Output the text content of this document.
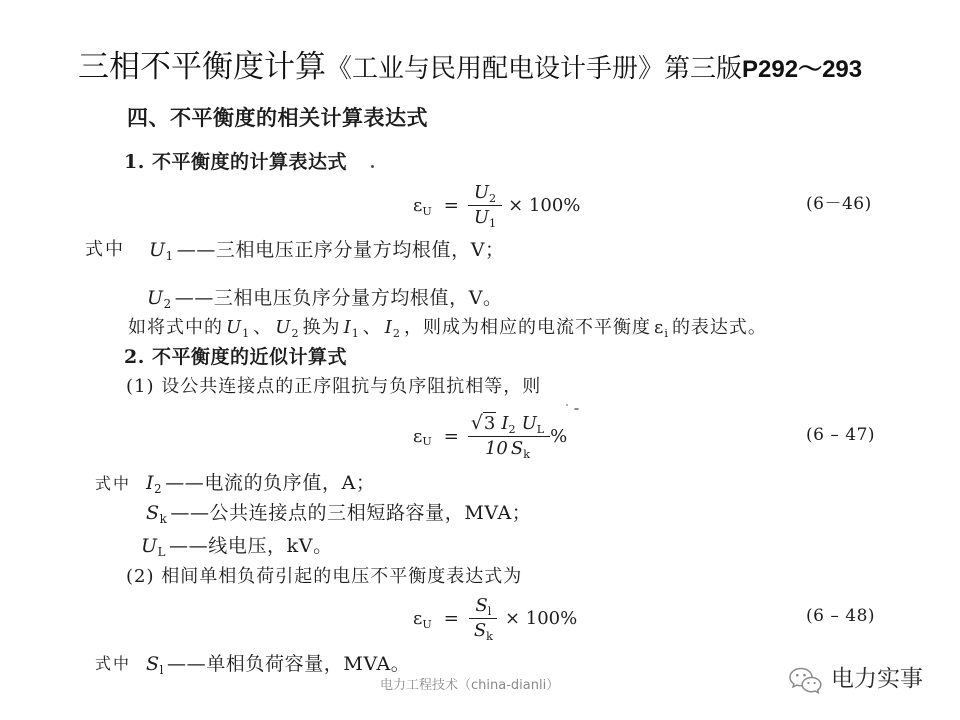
三相不平衡度计算《工业与民用配电设计手册》第三版P292～293
四、不平衡度的相关计算表达式
1. 不平衡度的计算表达式
$\varepsilon_U = \frac{U_2}{U_1} \times 100\%$	(6－46)
式中 $U_1$ ——三相电压正序分量方均根值，V；
$U_2$ ——三相电压负序分量方均根值，V。
如将式中的 $U_1$ 、 $U_2$ 换为 $I_1$ 、 $I_2$ ，则成为相应的电流不平衡度 $\varepsilon_i$ 的表达式。
2. 不平衡度的近似计算式
(1) 设公共连接点的正序阻抗与负序阻抗相等，则
$\varepsilon_U = \frac{√3 I_2 U_L}{10 S_k}$ %	(6 – 47)
式中 $I_2$ ——电流的负序值，A；
$S_k$ ——公共连接点的三相短路容量，MVA；
$U_L$ ——线电压，kV。
(2) 相间单相负荷引起的电压不平衡度表达式为
$\varepsilon_U = \frac{S_l}{S_k} \times 100\%$	(6 – 48)
式中 $S_l$ ——单相负荷容量，MVA。
电力工程技术（china-dianli）	电力实事
